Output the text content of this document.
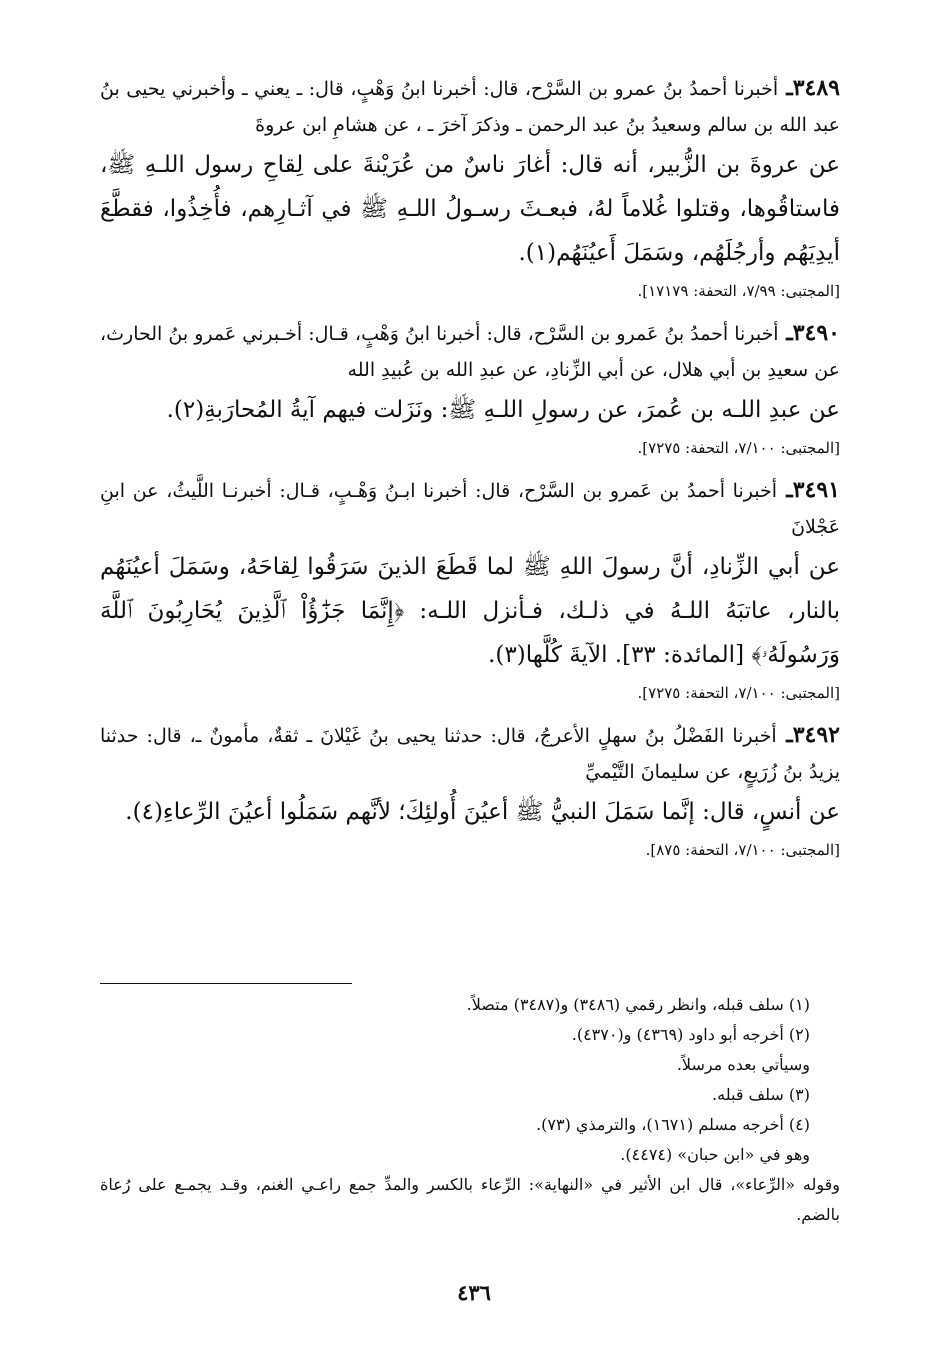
٣٤٨٩ـ أخبرنا أحمدُ بنُ عمرو بن السَّرْح، قال: أخبرنا ابنُ وَهْبٍ، قال: ـ يعني ـ وأخبرني يحيى بنُ عبد الله بن سالم وسعيدُ بنُ عبد الرحمن ـ وذكرَ آخرَ ـ ، عن هشامِ ابن عروةَ
عن عروةَ بن الزُّبير، أنه قال: أغارَ ناسٌ من عُرَيْنةَ على لِقاحِ رسول اللـهِ ﷺ، فاستاقُوها، وقتلوا غُلاماً لهُ، فبعـثَ رسـولُ اللـهِ ﷺ في آثـارِهم، فأُخِذُوا، فقطَّعَ أيدِيَهُم وأرجُلَهُم، وسَمَلَ أَعيُنَهُم(١).
[المجتبى: ٧/٩٩، التحفة: ١٧١٧٩].
٣٤٩٠ـ أخبرنا أحمدُ بنُ عَمرو بن السَّرْح، قال: أخبرنا ابنُ وَهْبٍ، قـال: أخـبرني عَمرو بنُ الحارث، عن سعيدِ بن أبي هلال، عن أبي الزِّنادِ، عن عبدِ الله بن عُبيدِ الله
عن عبدِ اللـه بن عُمرَ، عن رسولِ اللـهِ ﷺ: ونَزَلت فيهم آيةُ المُحارَبةِ(٢).
[المجتبى: ٧/١٠٠، التحفة: ٧٢٧٥].
٣٤٩١ـ أخبرنا أحمدُ بن عَمرو بن السَّرْح، قال: أخبرنا ابـنُ وَهْـبٍ، قـال: أخبرنـا اللَّيثُ، عن ابنِ عَجْلانَ
عن أبي الزِّنادِ، أنَّ رسولَ اللهِ ﷺ لما قَطَعَ الذينَ سَرَقُوا لِقاحَهُ، وسَمَلَ أعيُنَهُم بالنار، عاتبَهُ اللـهُ في ذلـك، فـأنزل اللـه: ﴿إِنَّمَا جَزَٰٓؤُاْ ٱلَّذِينَ يُحَارِبُونَ ٱللَّهَ وَرَسُولَهُۥ﴾ [المائدة: ٣٣]. الآيةَ كُلَّها(٣).
[المجتبى: ٧/١٠٠، التحفة: ٧٢٧٥].
٣٤٩٢ـ أخبرنا الفَضْلُ بنُ سهلٍ الأعرجُ، قال: حدثنا يحيى بنُ غَيْلانَ ـ ثقةٌ، مأمونٌ ـ، قال: حدثنا يزيدُ بنُ زُرَيعٍ، عن سليمانَ التَّيْميِّ
عن أنسٍ، قال: إنَّما سَمَلَ النبيُّ ﷺ أعيُنَ أُولئِكَ؛ لأنَّهم سَمَلُوا أعيُنَ الرِّعاءِ(٤).
[المجتبى: ٧/١٠٠، التحفة: ٨٧٥].
(١) سلف قبله، وانظر رقمي (٣٤٨٦) و(٣٤٨٧) متصلاً.
(٢) أخرجه أبو داود (٤٣٦٩) و(٤٣٧٠).
وسيأتي بعده مرسلاً.
(٣) سلف قبله.
(٤) أخرجه مسلم (١٦٧١)، والترمذي (٧٣).
وهو في «ابن حبان» (٤٤٧٤).
وقوله «الرِّعاء»، قال ابن الأثير في «النهاية»: الرِّعاء بالكسر والمدِّ جمع راعـي الغنم، وقـد يجمـع على رُعاة بالضم.
٤٣٦
